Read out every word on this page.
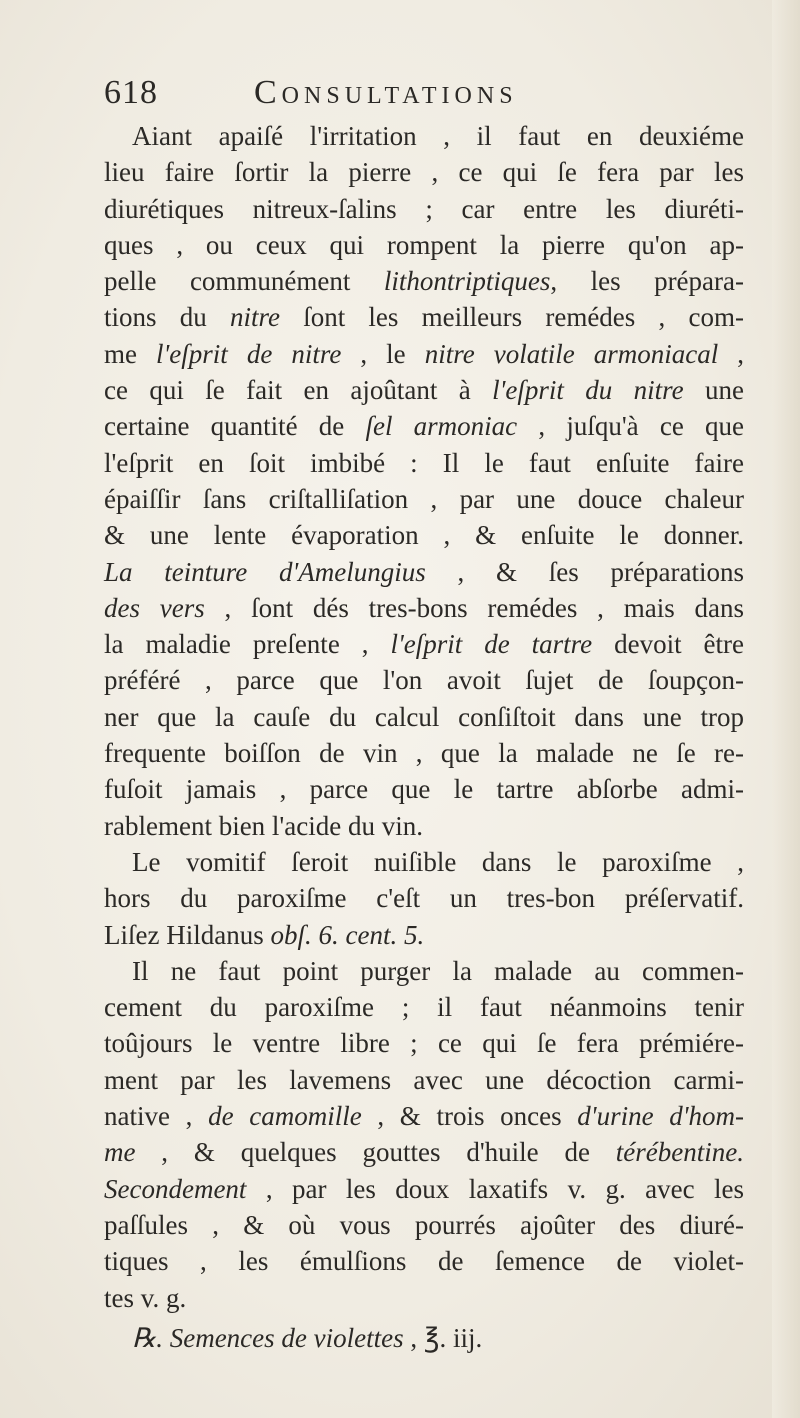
618	Consultations
Aiant apaiſé l'irritation , il faut en deuxiéme
lieu faire ſortir la pierre , ce qui ſe fera par les
diurétiques nitreux-ſalins ; car entre les diuréti-
ques , ou ceux qui rompent la pierre qu'on ap-
pelle communément lithontriptiques, les prépara-
tions du nitre ſont les meilleurs remédes , com-
me l'eſprit de nitre , le nitre volatile armoniacal ,
ce qui ſe fait en ajoûtant à l'eſprit du nitre une
certaine quantité de ſel armoniac , juſqu'à ce que
l'eſprit en ſoit imbibé : Il le faut enſuite faire
épaiſſir ſans criſtalliſation , par une douce chaleur
& une lente évaporation , & enſuite le donner.
La teinture d'Amelungius , & ſes préparations
des vers , ſont dés tres-bons remédes , mais dans
la maladie preſente , l'eſprit de tartre devoit être
préféré , parce que l'on avoit ſujet de ſoupçon-
ner que la cauſe du calcul conſiſtoit dans une trop
frequente boiſſon de vin , que la malade ne ſe re-
fuſoit jamais , parce que le tartre abſorbe admi-
rablement bien l'acide du vin.
Le vomitif ſeroit nuiſible dans le paroxiſme ,
hors du paroxiſme c'eſt un tres-bon préſervatif.
Liſez Hildanus obſ. 6. cent. 5.
Il ne faut point purger la malade au commen-
cement du paroxiſme ; il faut néanmoins tenir
toûjours le ventre libre ; ce qui ſe fera prémiére-
ment par les lavemens avec une décoction carmi-
native , de camomille , & trois onces d'urine d'hom-
me , & quelques gouttes d'huile de térébentine.
Secondement , par les doux laxatifs v. g. avec les
paſſules , & où vous pourrés ajoûter des diuré-
tiques , les émulſions de ſemence de violet-
tes v. g.
℞. Semences de violettes , ℥. iij.
